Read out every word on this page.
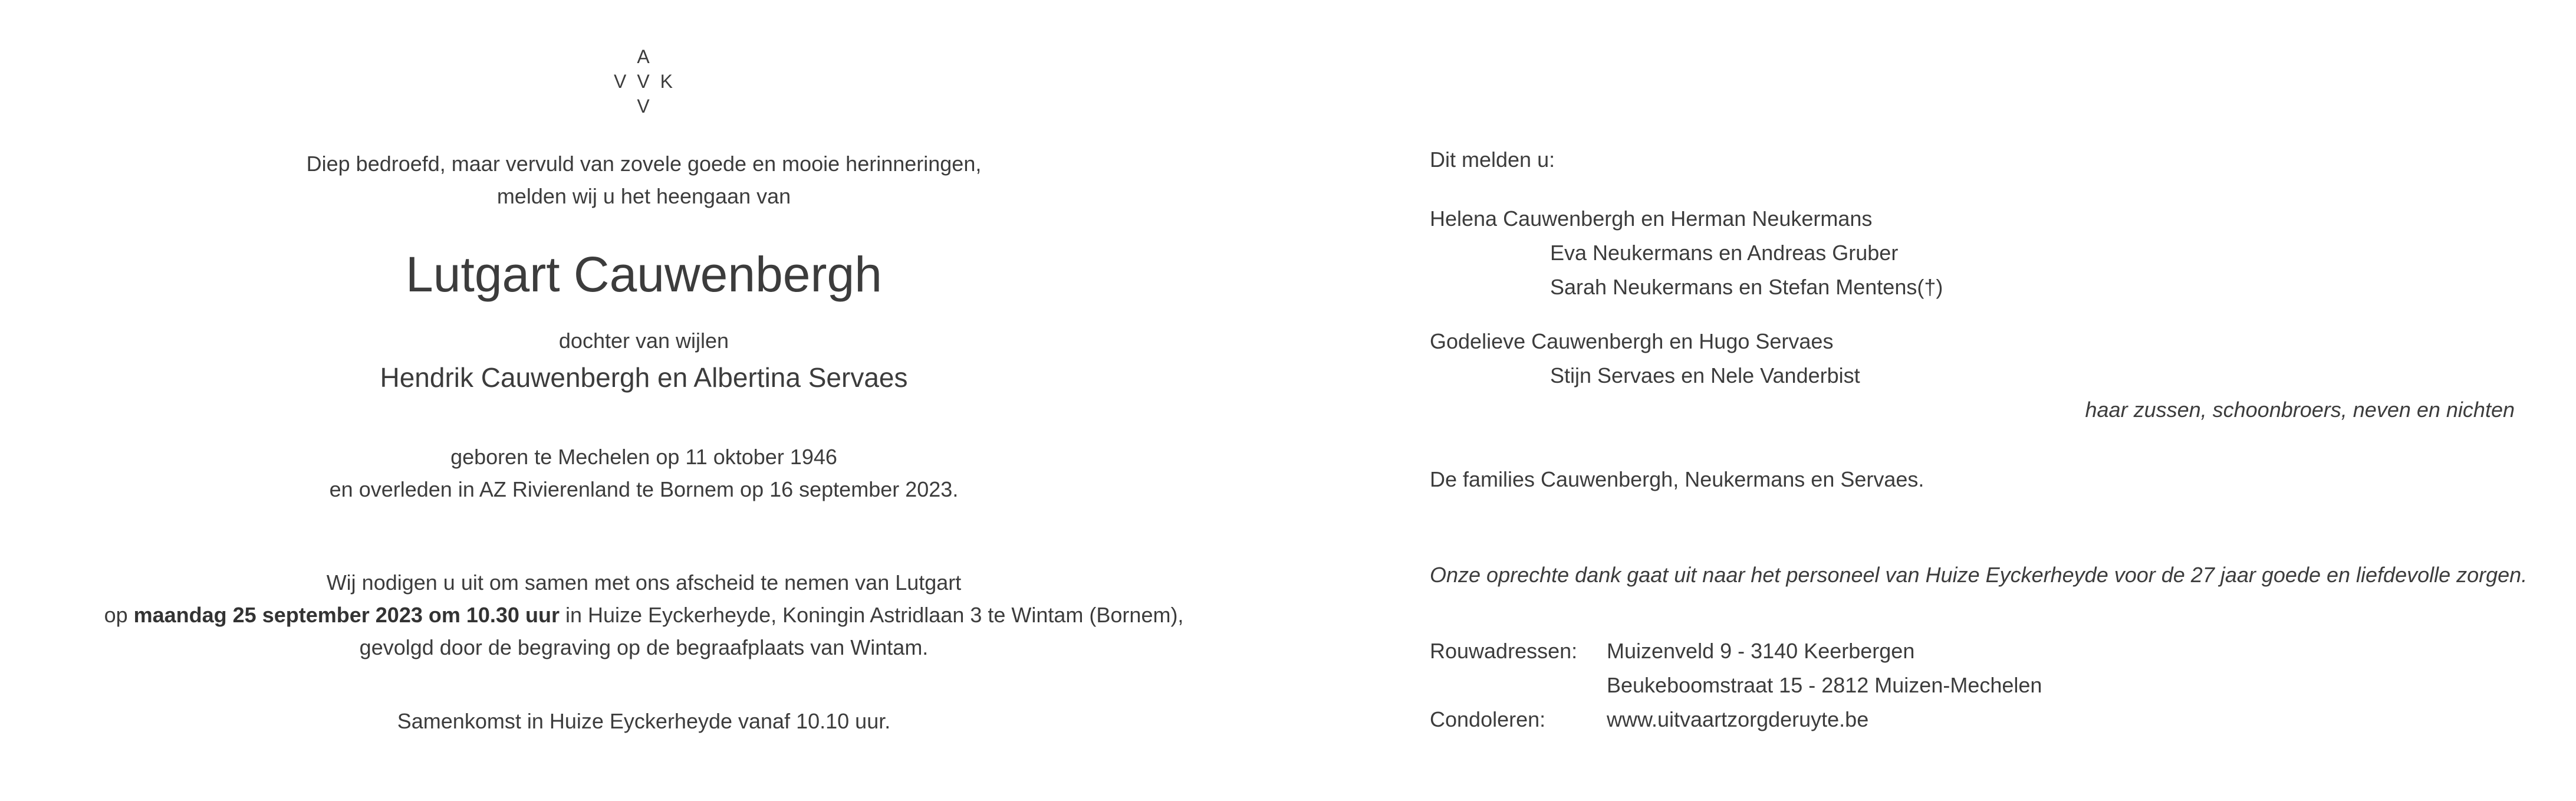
A
V V K
V
Diep bedroefd, maar vervuld van zovele goede en mooie herinneringen,
melden wij u het heengaan van
Lutgart Cauwenbergh
dochter van wijlen
Hendrik Cauwenbergh en Albertina Servaes
geboren te Mechelen op 11 oktober 1946
en overleden in AZ Rivierenland te Bornem op 16 september 2023.
Wij nodigen u uit om samen met ons afscheid te nemen van Lutgart
op maandag 25 september 2023 om 10.30 uur in Huize Eyckerheyde, Koningin Astridlaan 3 te Wintam (Bornem),
gevolgd door de begraving op de begraafplaats van Wintam.
Samenkomst in Huize Eyckerheyde vanaf 10.10 uur.
Dit melden u:
Helena Cauwenbergh en Herman Neukermans
Eva Neukermans en Andreas Gruber
Sarah Neukermans en Stefan Mentens(†)
Godelieve Cauwenbergh en Hugo Servaes
Stijn Servaes en Nele Vanderbist
haar zussen, schoonbroers, neven en nichten
De families Cauwenbergh, Neukermans en Servaes.
Onze oprechte dank gaat uit naar het personeel van Huize Eyckerheyde voor de 27 jaar goede en liefdevolle zorgen.
Rouwadressen: Muizenveld 9 - 3140 Keerbergen
Beukeboomstraat 15 - 2812 Muizen-Mechelen
Condoleren:	www.uitvaartzorgderuyte.be
